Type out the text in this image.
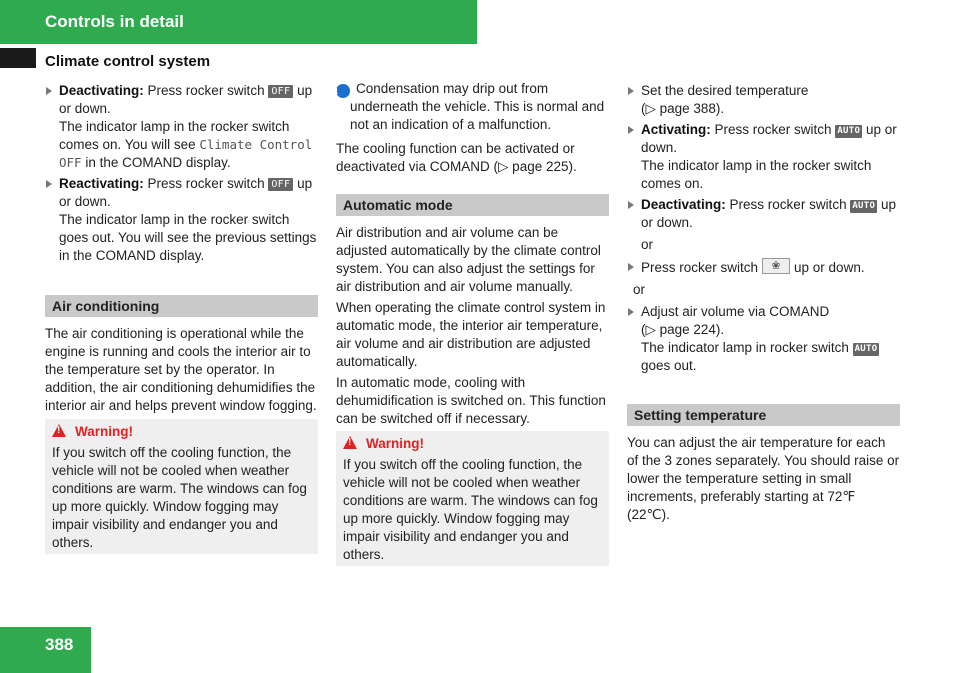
Controls in detail
Climate control system

Deactivating: Press rocker switch OFF up or down.

The indicator lamp in the rocker switch comes on. You will see Climate Control OFF in the COMAND display.

Reactivating: Press rocker switch OFF up or down.

The indicator lamp in the rocker switch goes out. You will see the previous settings in the COMAND display.

Air conditioning

The air conditioning is operational while the engine is running and cools the interior air to the temperature set by the operator. In addition, the air conditioning dehumidifies the interior air and helps prevent window fogging.

!Warning!

If you switch off the cooling function, the vehicle will not be cooled when weather conditions are warm. The windows can fog up more quickly. Window fogging may impair visibility and endanger you and others.

i Condensation may drip out from underneath the vehicle. This is normal and not an indication of a malfunction.

The cooling function can be activated or deactivated via COMAND (▷ page 225).

Automatic mode

Air distribution and air volume can be adjusted automatically by the climate control system. You can also adjust the settings for air distribution and air volume manually.

When operating the climate control system in automatic mode, the interior air temperature, air volume and air distribution are adjusted automatically.

In automatic mode, cooling with dehumidification is switched on. This function can be switched off if necessary.

!Warning!

If you switch off the cooling function, the vehicle will not be cooled when weather conditions are warm. The windows can fog up more quickly. Window fogging may impair visibility and endanger you and others.

Set the desired temperature
(▷ page 388).

Activating: Press rocker switch AUTO up or down.

The indicator lamp in the rocker switch comes on.

Deactivating: Press rocker switch AUTO up or down.

or

Press rocker switch❀	up or down.

or

Adjust air volume via COMAND
(▷ page 224).
The indicator lamp in rocker switch AUTO
goes out.

Setting temperature

You can adjust the air temperature for each of the 3 zones separately. You should raise or lower the temperature setting in small increments, preferably starting at 72℉ (22℃).

388
